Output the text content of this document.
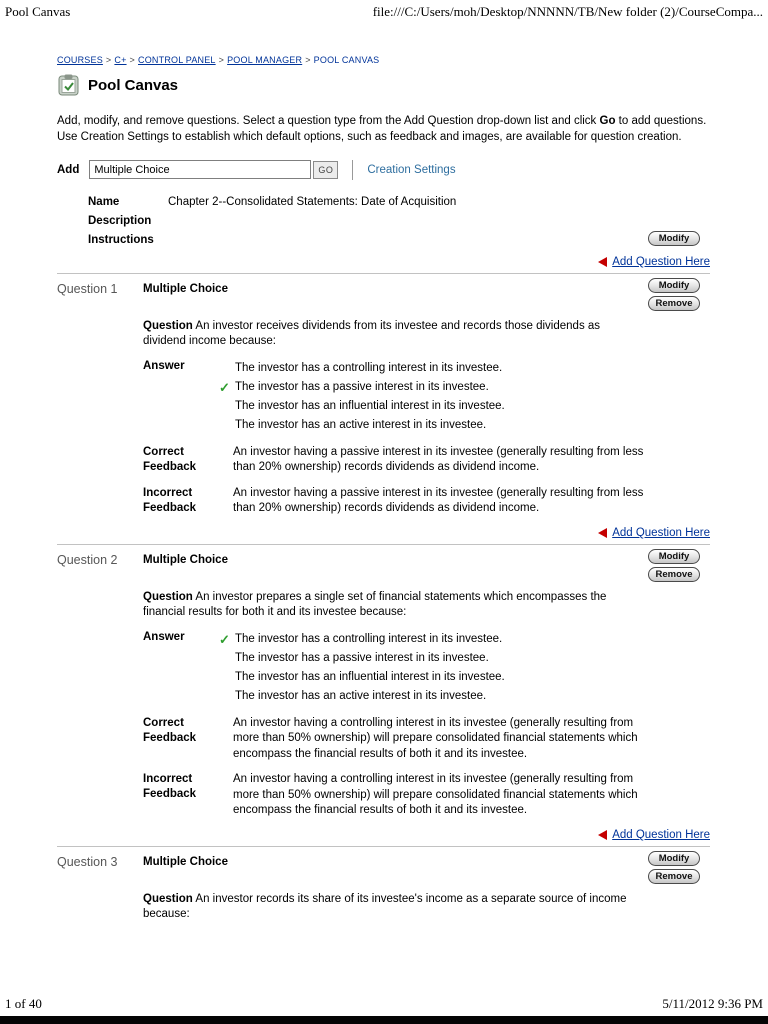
Pool Canvas	file:///C:/Users/moh/Desktop/NNNNN/TB/New folder (2)/CourseCompa...
COURSES > C+ > CONTROL PANEL > POOL MANAGER > POOL CANVAS
Pool Canvas

Add, modify, and remove questions. Select a question type from the Add Question drop-down list and click Go to add questions. Use Creation Settings to establish which default options, such as feedback and images, are available for question creation.

Add Multiple Choice	GO	Creation Settings
Name	Chapter 2--Consolidated Statements: Date of Acquisition
Description
Instructions	Modify
Add Question Here
Question 1	Multiple Choice	Modify
Remove

Question An investor receives dividends from its investee and records those dividends as dividend income because:

Answer	The investor has a controlling interest in its investee.
✓ The investor has a passive interest in its investee.
The investor has an influential interest in its investee.
The investor has an active interest in its investee.
Correct Feedback
An investor having a passive interest in its investee (generally resulting from less than 20% ownership) records dividends as dividend income.
Incorrect Feedback
An investor having a passive interest in its investee (generally resulting from less than 20% ownership) records dividends as dividend income.
Add Question Here
Question 2	Multiple Choice	Modify
Remove

Question An investor prepares a single set of financial statements which encompasses the financial results for both it and its investee because:

Answer	✓ The investor has a controlling interest in its investee.
The investor has a passive interest in its investee.
The investor has an influential interest in its investee.
The investor has an active interest in its investee.
Correct Feedback
An investor having a controlling interest in its investee (generally resulting from more than 50% ownership) will prepare consolidated financial statements which encompass the financial results of both it and its investee.
Incorrect Feedback
An investor having a controlling interest in its investee (generally resulting from more than 50% ownership) will prepare consolidated financial statements which encompass the financial results of both it and its investee.
Add Question Here
Question 3	Multiple Choice	Modify
Remove

Question An investor records its share of its investee's income as a separate source of income because:

1 of 40	5/11/2012 9:36 PM
